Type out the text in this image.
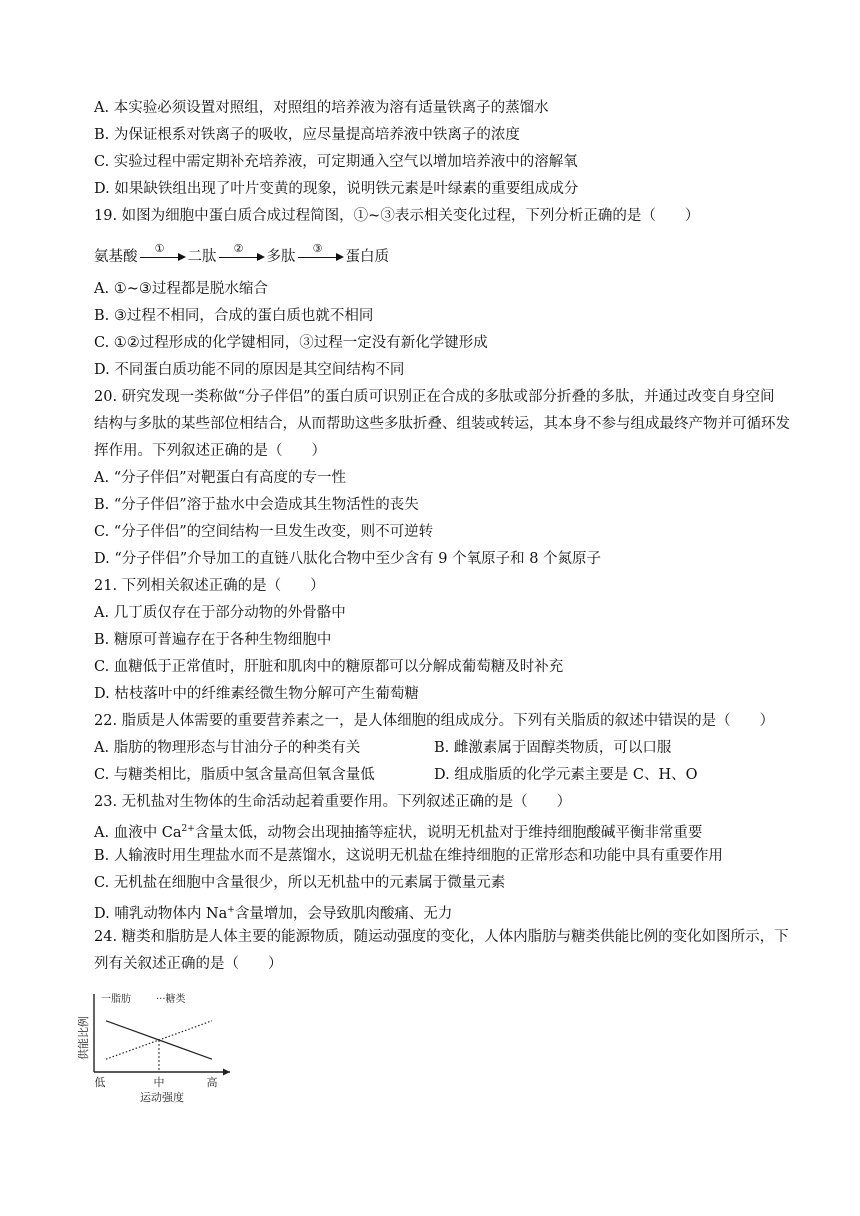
A. 本实验必须设置对照组，对照组的培养液为溶有适量铁离子的蒸馏水
B. 为保证根系对铁离子的吸收，应尽量提高培养液中铁离子的浓度
C. 实验过程中需定期补充培养液，可定期通入空气以增加培养液中的溶解氧
D. 如果缺铁组出现了叶片变黄的现象，说明铁元素是叶绿素的重要组成成分
19. 如图为细胞中蛋白质合成过程简图，①~③表示相关变化过程，下列分析正确的是（　　）
氨基酸	①	二肽	②	多肽	③	蛋白质
A. ①~③过程都是脱水缩合
B. ③过程不相同，合成的蛋白质也就不相同
C. ①②过程形成的化学键相同，③过程一定没有新化学键形成
D. 不同蛋白质功能不同的原因是其空间结构不同
20. 研究发现一类称做“分子伴侣”的蛋白质可识别正在合成的多肽或部分折叠的多肽，并通过改变自身空间
结构与多肽的某些部位相结合，从而帮助这些多肽折叠、组装或转运，其本身不参与组成最终产物并可循环发
挥作用。下列叙述正确的是（　　）
A. “分子伴侣”对靶蛋白有高度的专一性
B. “分子伴侣”溶于盐水中会造成其生物活性的丧失
C. “分子伴侣”的空间结构一旦发生改变，则不可逆转
D. “分子伴侣”介导加工的直链八肽化合物中至少含有 9 个氧原子和 8 个氮原子
21. 下列相关叙述正确的是（　　）
A. 几丁质仅存在于部分动物的外骨骼中
B. 糖原可普遍存在于各种生物细胞中
C. 血糖低于正常值时，肝脏和肌肉中的糖原都可以分解成葡萄糖及时补充
D. 枯枝落叶中的纤维素经微生物分解可产生葡萄糖
22. 脂质是人体需要的重要营养素之一，是人体细胞的组成成分。下列有关脂质的叙述中错误的是（　　）
A. 脂肪的物理形态与甘油分子的种类有关	B. 雌激素属于固醇类物质，可以口服
C. 与糖类相比，脂质中氢含量高但氧含量低	D. 组成脂质的化学元素主要是 C、H、O
23. 无机盐对生物体的生命活动起着重要作用。下列叙述正确的是（　　）
A. 血液中 $Ca^{2+}$含量太低，动物会出现抽搐等症状，说明无机盐对于维持细胞酸碱平衡非常重要
B. 人输液时用生理盐水而不是蒸馏水，这说明无机盐在维持细胞的正常形态和功能中具有重要作用
C. 无机盐在细胞中含量很少，所以无机盐中的元素属于微量元素
D. 哺乳动物体内 Na+含量增加，会导致肌肉酸痛、无力
24. 糖类和脂肪是人体主要的能源物质，随运动强度的变化，人体内脂肪与糖类供能比例的变化如图所示，下
列有关叙述正确的是（　　）
供能比例
一脂肪	···糖类
低	中	高
运动强度
